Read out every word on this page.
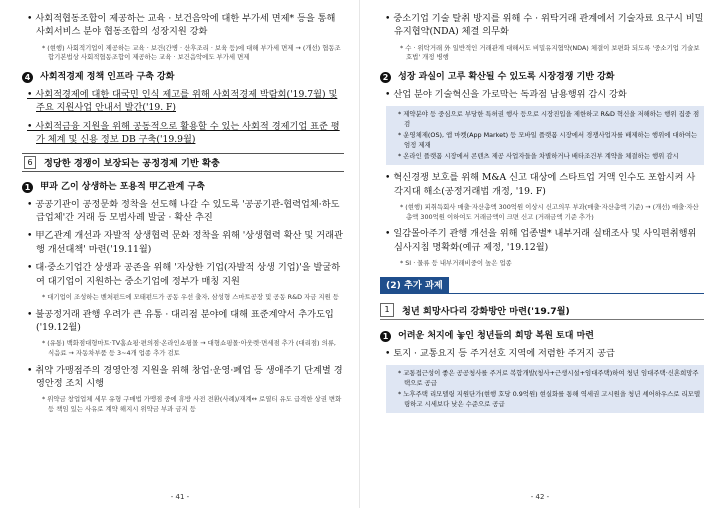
• 사회적협동조합이 제공하는 교육 · 보건음악에 대한 부가세 면제* 등을 통해 사회서비스 분야 협동조합의 성장지원 강화

* (현행) 사회적기업이 제공하는 교육 · 보건(간병 · 산후조리 · 보육 등)에 대해 부가세 면제 → (개선) 협동조합기본법상 사회적협동조합이 제공하는 교육 · 보건음악에도 부가세 면제

4 사회적경제 정책 인프라 구축 강화

• 사회적경제에 대한 대국민 인식 제고를 위해 사회적경제 박람회('19.7월) 및 주요 지원사업 안내서 발간('19. F)

• 사회적금융 지원을 위해 공동적으로 활용할 수 있는 사회적 경제기업 표준 평가 체계 및 신용 정보 DB 구축('19.9월)

6	정당한 경쟁이 보장되는 공정경제 기반 확충
1 甲과 乙이 상생하는 포용적 甲乙관계 구축

• 공공기관이 공정문화 정착을 선도해 나갈 수 있도록 '공공기관-협력업체·하도급업체'간 거래 등 모범사례 발굴 · 확산 추진

• 甲乙관계 개선과 자발적 상생협력 문화 정착을 위해 '상생협력 확산 및 거래관행 개선대책' 마련('19.11월)

• 대·중소기업간 상생과 공존을 위해 '자상한 기업(자발적 상생 기업)'을 발굴하여 대기업이 지원하는 중소기업에 정부가 매칭 지원

* 대기업이 조성하는 벤처펀드에 모태펀드가 공동 우선 출자, 삼성형 스마트공장 및 공동 R&D 자금 지원 등

• 불공정거래 관행 우려가 큰 유통 · 대리점 분야에 대해 표준계약서 추가도입('19.12월)

* (유통) 백화점대형마트·TV홈쇼핑·편의점·온라인쇼핑몰 → 대형쇼핑몰·아웃렛·면세점 추가 (대리점) 의류, 식음료 → 자동차부품 등 3~4개 업종 추가 검토

• 취약 가맹점주의 경영안정 지원을 위해 창업·운영·폐업 등 생애주기 단계별 경영안정 조치 시행

* 위약금 창업업체 세무 유형 구매법 가맹점 중에 휴방 사전 전환(사례)/재계↔ 로열티 유도 급격한 상권 변화 등 책임 있는 사유로 계약 해지시 위약금 부과 금지 등

- 41 -

• 중소기업 기술 탈취 방지를 위해 수 · 위탁거래 관계에서 기술자료 요구시 비밀유지협약(NDA) 체결 의무화

* 수 · 위탁거래 外 일반적인 거래관계 대해서도 비밀유지협약(NDA) 체결이 보편화 되도록 '중소기업 기술보호법' 개정 병행

2 성장 과실이 고루 확산될 수 있도록 시장경쟁 기반 강화

• 산업 분야 기술혁신을 가로막는 독과점 남용행위 감시 강화

* 제약분야 등 중심으로 부당한 특허권 행사 등으로 시장진입을 제한하고 R&D 혁신을 저해하는 행위 집중 점검

* 운영체제(OS), 앱 마켓(App Market) 등 모바일 플랫폼 시장에서 경쟁사업자를 배제하는 행위에 대하여는 엄정 제재

* 온라인 플랫폼 시장에서 콘텐츠 제공 사업자들을 차별하거나 배타조건부 계약을 체결하는 행위 감시

• 혁신경쟁 보호를 위해 M&A 신고 대상에 스타트업 거액 인수도 포함시켜 사각지대 해소(공정거래법 개정, '19. F)

* (현행) 피취득회사 매출·자산총액 300억원 이상시 신고의무 부과(매출·자산총액 기준) → (개선) 매출·자산총액 300억원 이하여도 거래금액이 크면 신고 (거래금액 기준 추가)

• 일감몰아주기 관행 개선을 위해 업종별* 내부거래 실태조사 및 사익편취행위 심사지침 명확화(예규 제정, '19.12월)

* SI · 물류 등 내부거래비중이 높은 업종

(2) 추가 과제
1	청년 희망사다리 강화방안 마련('19.7월)
1 어려운 처지에 놓인 청년들의 희망 복원 토대 마련

• 토지 · 교통요지 등 주거선호 지역에 저렴한 주거지 공급

* 교통접근성이 좋은 공공청사를 주거로 복합개발(청사+근생시설+임대주택)하여 청년 임대주택·신혼희망주택으로 공급

* 노후주택 리모델링 지원단가(현행 호당 0.9억원) 현실화를 통해 역세권 고시원을 청년 셰어하우스로 리모델링하고 시세보다 낮은 수준으로 공급

- 42 -
